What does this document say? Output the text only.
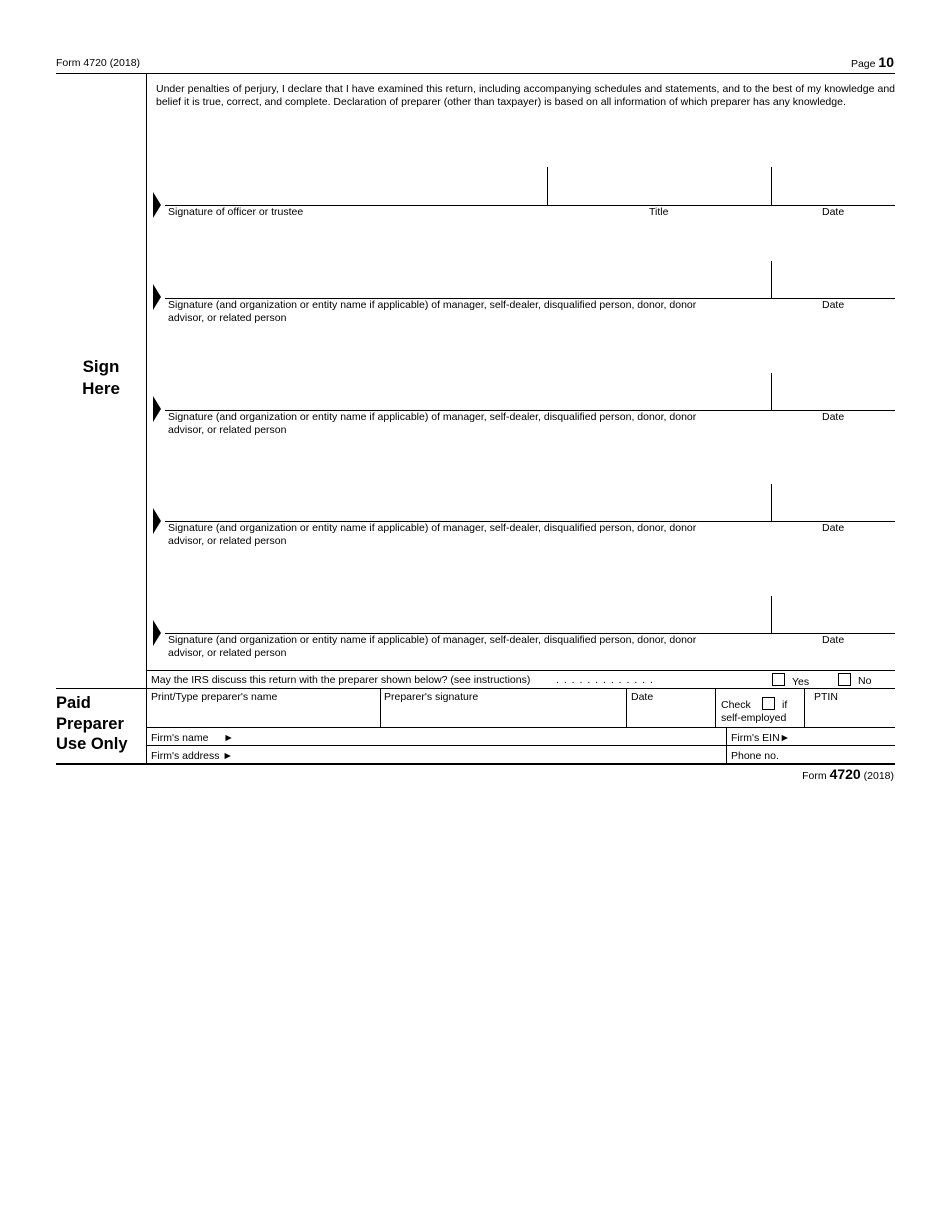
Form 4720 (2018)	Page 10
Under penalties of perjury, I declare that I have examined this return, including accompanying schedules and statements, and to the best of my knowledge and belief it is true, correct, and complete. Declaration of preparer (other than taxpayer) is based on all information of which preparer has any knowledge.
Sign
Here
Signature of officer or trustee	Title	Date
Signature (and organization or entity name if applicable) of manager, self-dealer, disqualified person, donor, donor
advisor, or related person
Date
Signature (and organization or entity name if applicable) of manager, self-dealer, disqualified person, donor, donor
advisor, or related person
Date
Signature (and organization or entity name if applicable) of manager, self-dealer, disqualified person, donor, donor
advisor, or related person
Date
Signature (and organization or entity name if applicable) of manager, self-dealer, disqualified person, donor, donor
advisor, or related person
Date
May the IRS discuss this return with the preparer shown below? (see instructions) . . . . . . . . . . . . .	Yes	No
Paid
Preparer
Use Only
Print/Type preparer's name	Preparer's signature	Date
Check	if
self-employed
PTIN
Firm's name ►	Firm's EIN►
Firm's address ►	Phone no.
Form 4720 (2018)
